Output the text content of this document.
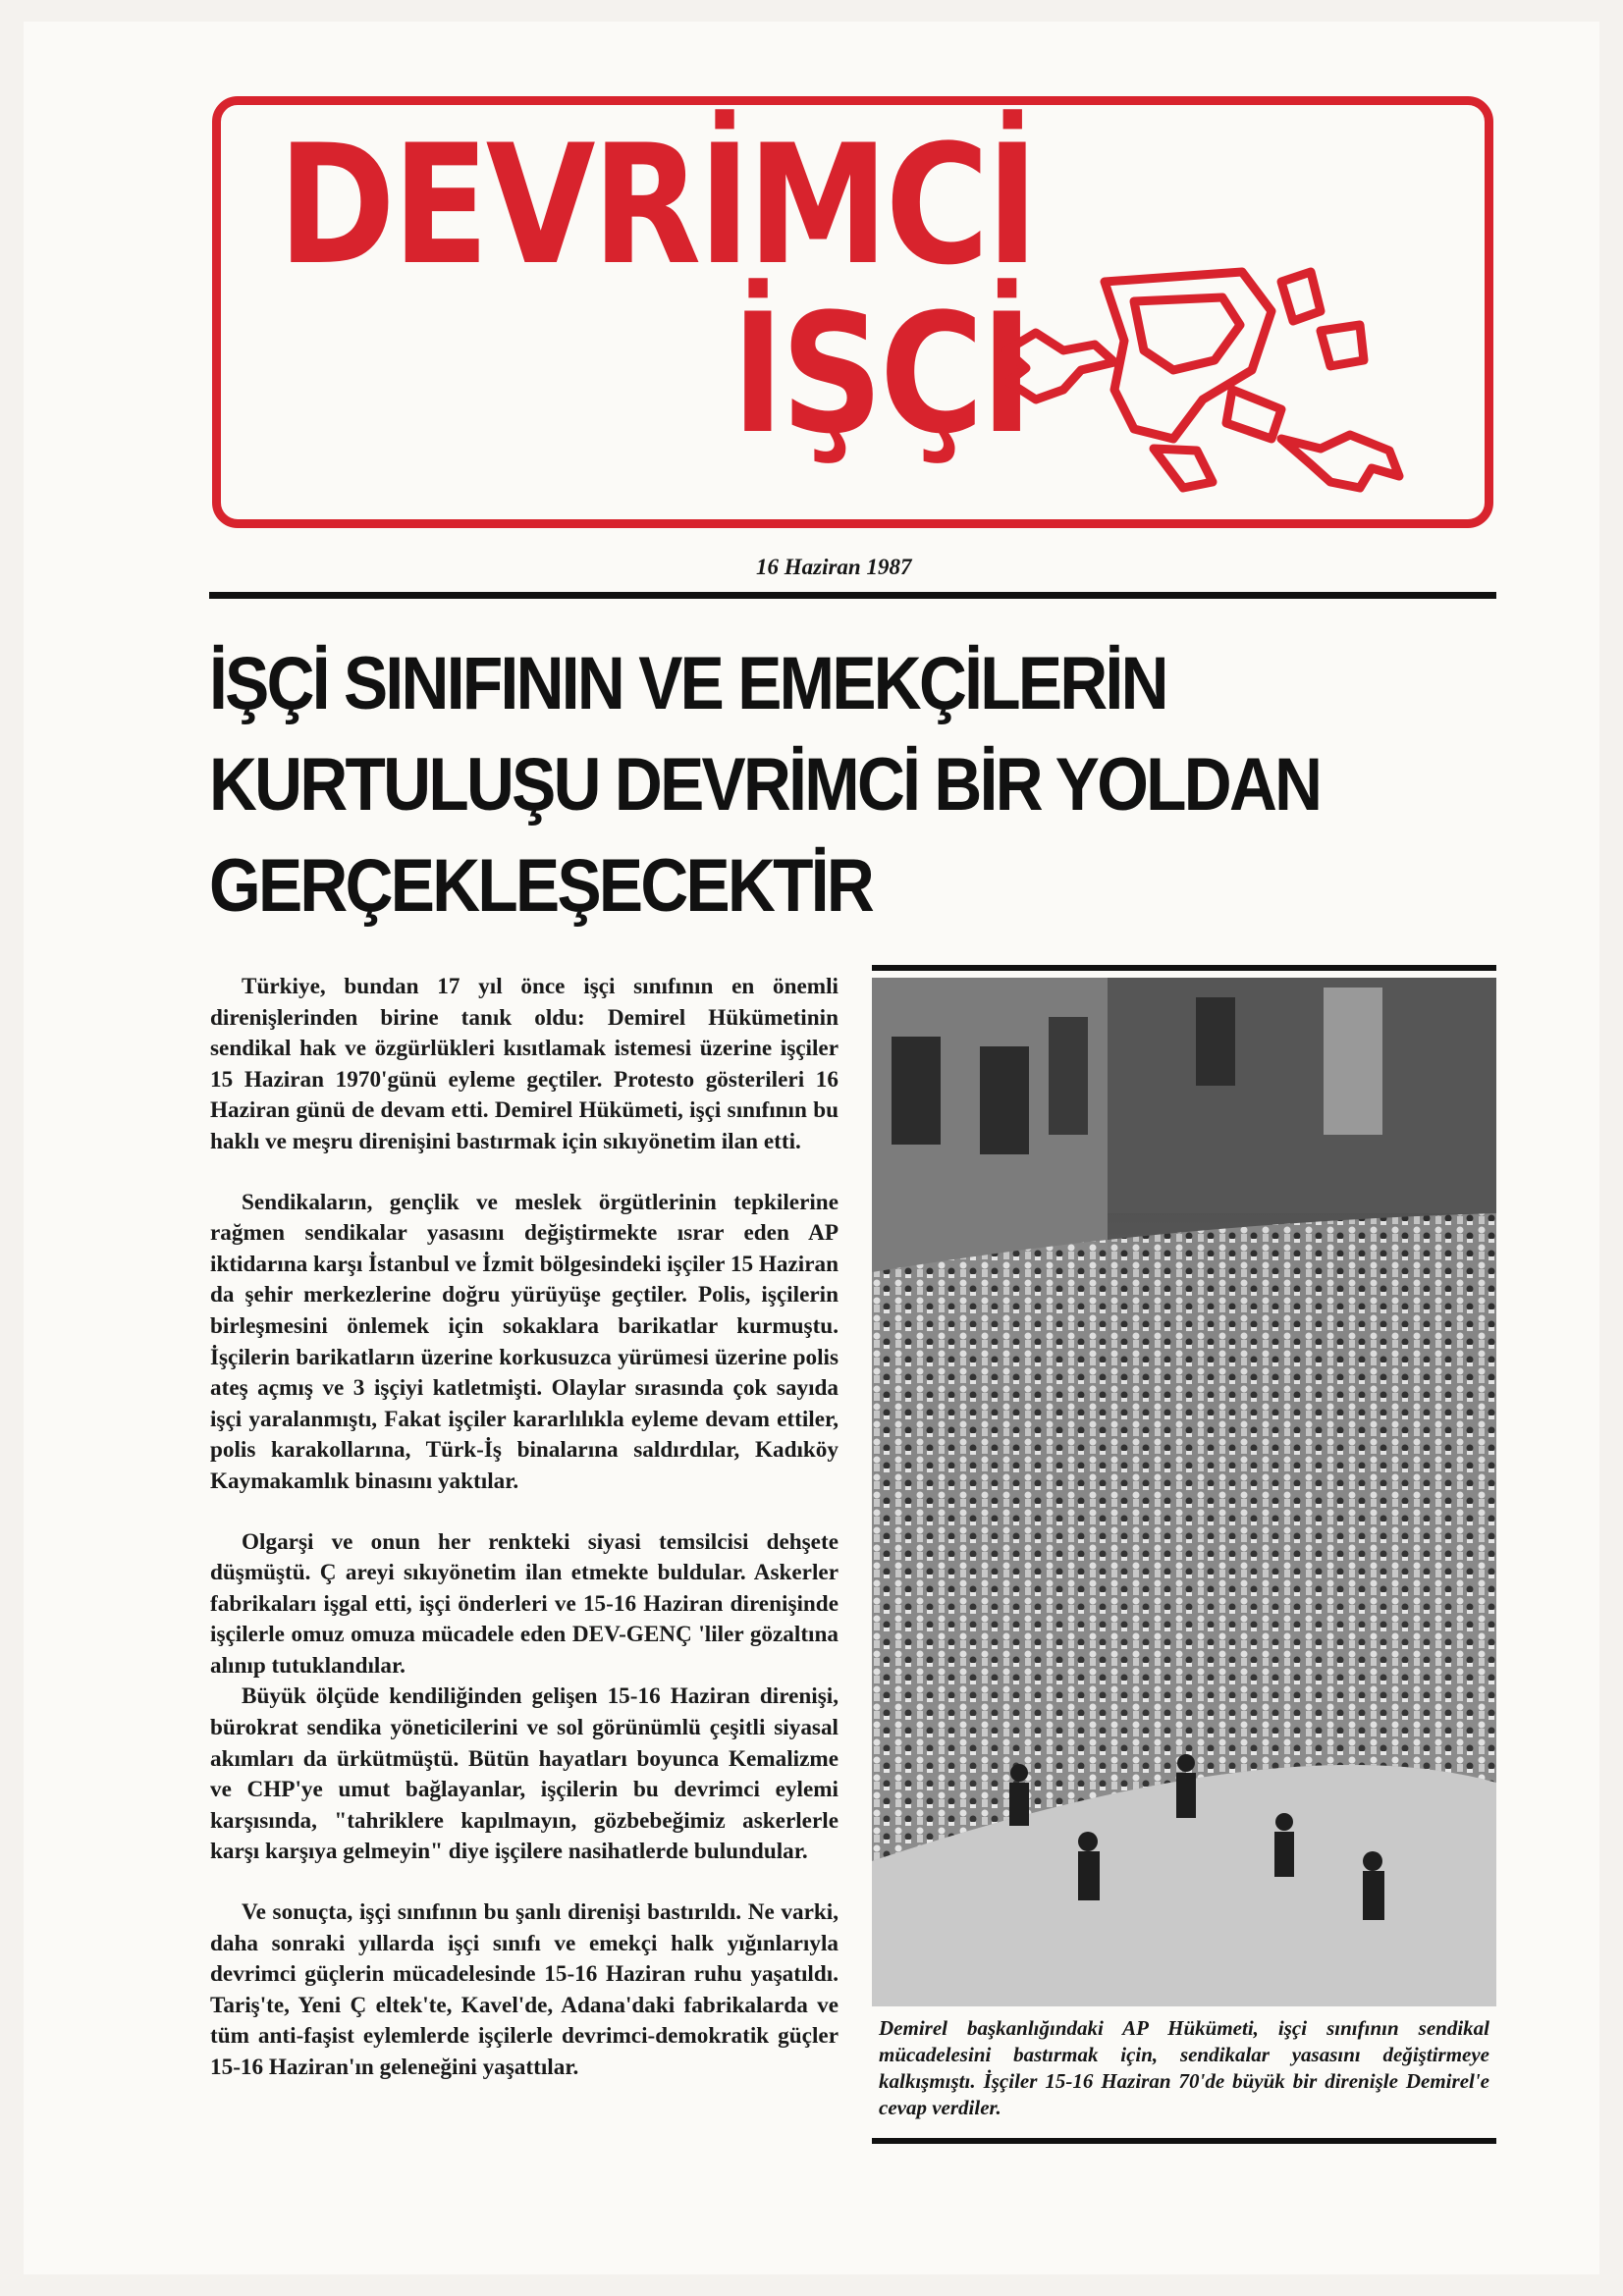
DEVRİMCİ
İŞÇİ
16 Haziran 1987
İŞÇİ SINIFININ VE EMEKÇİLERİN
KURTULUŞU DEVRİMCİ BİR YOLDAN
GERÇEKLEŞECEKTİR

Türkiye, bundan 17 yıl önce işçi sınıfının en önemli direnişlerinden birine tanık oldu: Demirel Hükümetinin sendikal hak ve özgürlükleri kısıtlamak istemesi üzerine işçiler 15 Haziran 1970'günü eyleme geçtiler. Protesto gösterileri 16 Haziran günü de devam etti. Demirel Hükümeti, işçi sınıfının bu haklı ve meşru direnişini bastırmak için sıkıyönetim ilan etti.

Sendikaların, gençlik ve meslek örgütlerinin tepkilerine rağmen sendikalar yasasını değiştirmekte ısrar eden AP iktidarına karşı İstanbul ve İzmit bölgesindeki işçiler 15 Haziran da şehir merkezlerine doğru yürüyüşe geçtiler. Polis, işçilerin birleşmesini önlemek için sokaklara barikatlar kurmuştu. İşçilerin barikatların üzerine korkusuzca yürümesi üzerine polis ateş açmış ve 3 işçiyi katletmişti. Olaylar sırasında çok sayıda işçi yaralanmıştı, Fakat işçiler kararlılıkla eyleme devam ettiler, polis karakollarına, Türk-İş binalarına saldırdılar, Kadıköy Kaymakamlık binasını yaktılar.

Olgarşi ve onun her renkteki siyasi temsilcisi dehşete düşmüştü. Ç areyi sıkıyönetim ilan etmekte buldular. Askerler fabrikaları işgal etti, işçi önderleri ve 15-16 Haziran direnişinde işçilerle omuz omuza mücadele eden DEV-GENÇ 'liler gözaltına alınıp tutuklandılar.

Büyük ölçüde kendiliğinden gelişen 15-16 Haziran direnişi, bürokrat sendika yöneticilerini ve sol görünümlü çeşitli siyasal akımları da ürkütmüştü. Bütün hayatları boyunca Kemalizme ve CHP'ye umut bağlayanlar, işçilerin bu devrimci eylemi karşısında, "tahriklere kapılmayın, gözbebeğimiz askerlerle karşı karşıya gelmeyin" diye işçilere nasihatlerde bulundular.

Ve sonuçta, işçi sınıfının bu şanlı direnişi bastırıldı. Ne varki, daha sonraki yıllarda işçi sınıfı ve emekçi halk yığınlarıyla devrimci güçlerin mücadelesinde 15-16 Haziran ruhu yaşatıldı. Tariş'te, Yeni Ç eltek'te, Kavel'de, Adana'daki fabrikalarda ve tüm anti-faşist eylemlerde işçilerle devrimci-demokratik güçler 15-16 Haziran'ın geleneğini yaşattılar.

Demirel başkanlığındaki AP Hükümeti, işçi sınıfının sendikal mücadelesini bastırmak için, sendikalar yasasını değiştirmeye kalkışmıştı. İşçiler 15-16 Haziran 70'de büyük bir direnişle Demirel'e cevap verdiler.
